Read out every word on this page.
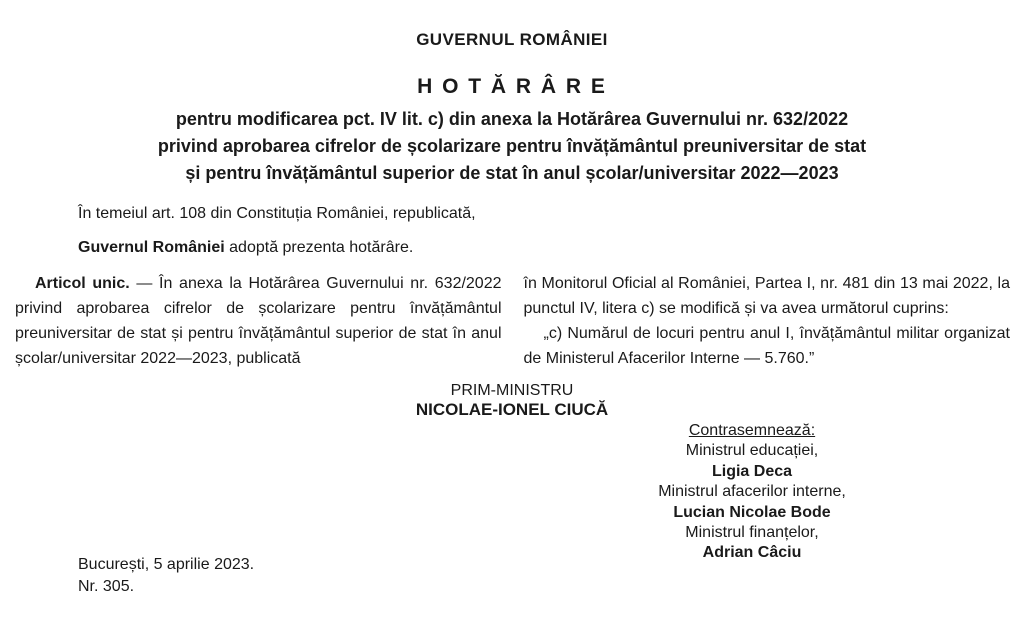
GUVERNUL ROMÂNIEI
H O T Ă R Â R E
pentru modificarea pct. IV lit. c) din anexa la Hotărârea Guvernului nr. 632/2022
privind aprobarea cifrelor de școlarizare pentru învățământul preuniversitar de stat
și pentru învățământul superior de stat în anul școlar/universitar 2022—2023

În temeiul art. 108 din Constituția României, republicată,

Guvernul României adoptă prezenta hotărâre.

Articol unic. — În anexa la Hotărârea Guvernului nr. 632/2022 privind aprobarea cifrelor de școlarizare pentru învățământul preuniversitar de stat și pentru învățământul superior de stat în anul școlar/universitar 2022—2023, publicată

în Monitorul Oficial al României, Partea I, nr. 481 din 13 mai 2022, la punctul IV, litera c) se modifică și va avea următorul cuprins:

„c) Numărul de locuri pentru anul I, învățământul militar organizat de Ministerul Afacerilor Interne — 5.760.”

PRIM-MINISTRU
NICOLAE-IONEL CIUCĂ
Contrasemnează:
Ministrul educației,
Ligia Deca
Ministrul afacerilor interne,
Lucian Nicolae Bode
Ministrul finanțelor,
Adrian Câciu
București, 5 aprilie 2023.
Nr. 305.
